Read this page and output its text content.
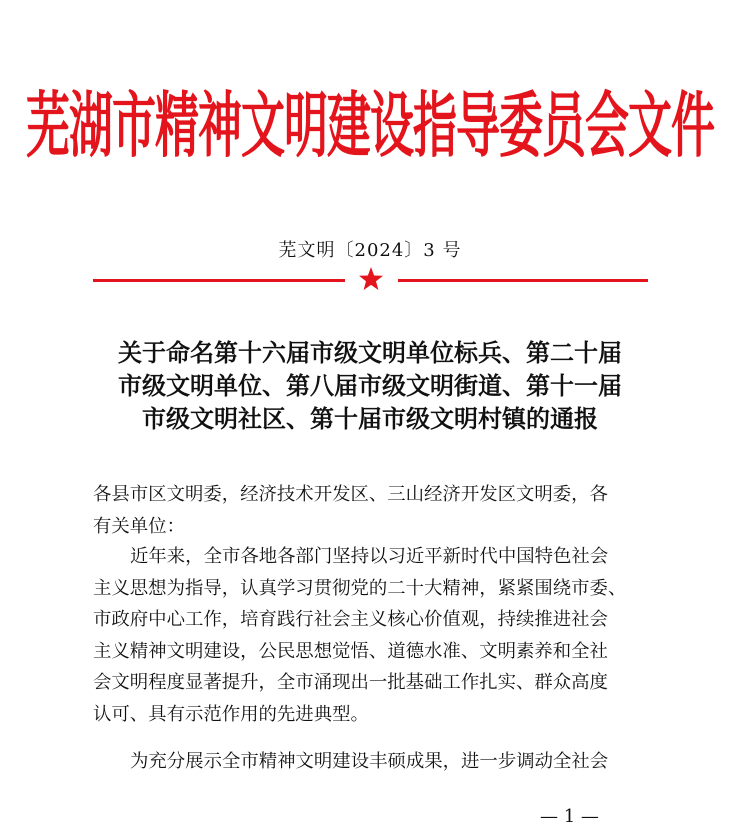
芜湖市精神文明建设指导委员会文件
芜文明〔2024〕3 号
关于命名第十六届市级文明单位标兵、第二十届
市级文明单位、第八届市级文明街道、第十一届
市级文明社区、第十届市级文明村镇的通报
各县市区文明委，经济技术开发区、三山经济开发区文明委，各
有关单位：
近年来，全市各地各部门坚持以习近平新时代中国特色社会
主义思想为指导，认真学习贯彻党的二十大精神，紧紧围绕市委、
市政府中心工作，培育践行社会主义核心价值观，持续推进社会
主义精神文明建设，公民思想觉悟、道德水准、文明素养和全社
会文明程度显著提升，全市涌现出一批基础工作扎实、群众高度
认可、具有示范作用的先进典型。
为充分展示全市精神文明建设丰硕成果，进一步调动全社会
— 1 —
